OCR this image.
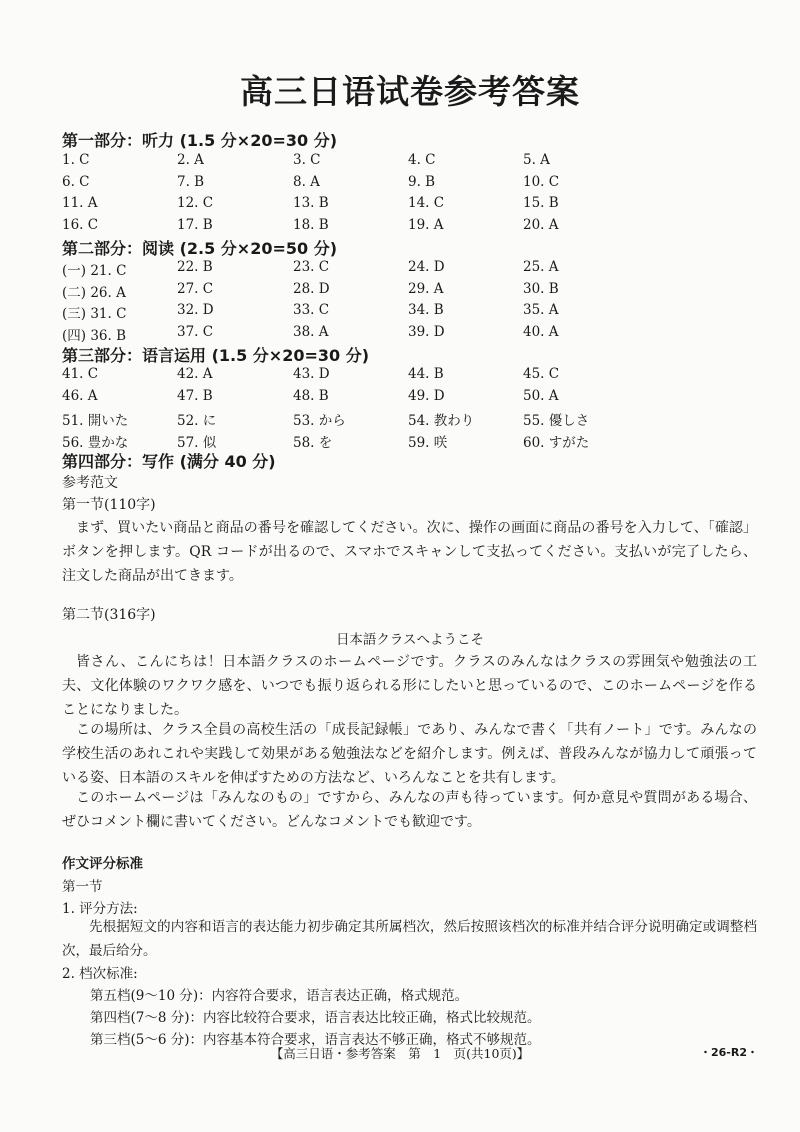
高三日语试卷参考答案
第一部分：听力 (1.5 分×20=30 分)
1. C	2. A	3. C	4. C	5. A
6. C	7. B	8. A	9. B	10. C
11. A	12. C	13. B	14. C	15. B
16. C	17. B	18. B	19. A	20. A
第二部分：阅读 (2.5 分×20=50 分)
(一) 21. C	22. B	23. C	24. D	25. A
(二) 26. A	27. C	28. D	29. A	30. B
(三) 31. C	32. D	33. C	34. B	35. A
(四) 36. B	37. C	38. A	39. D	40. A
第三部分：语言运用 (1.5 分×20=30 分)
41. C	42. A	43. D	44. B	45. C
46. A	47. B	48. B	49. D	50. A
51. 開いた	52. に	53. から	54. 教わり	55. 優しさ
56. 豊かな	57. 似	58. を	59. 咲	60. すがた
第四部分：写作 (满分 40 分)
参考范文
第一节(110字)
まず、買いたい商品と商品の番号を確認してください。次に、操作の画面に商品の番号を入力して、「確認」ボタンを押します。QR コードが出るので、スマホでスキャンして支払ってください。支払いが完了したら、注文した商品が出てきます。
第二节(316字)
日本語クラスへようこそ
皆さん、こんにちは！日本語クラスのホームページです。クラスのみんなはクラスの雰囲気や勉強法の工夫、文化体験のワクワク感を、いつでも振り返られる形にしたいと思っているので、このホームページを作ることになりました。
この場所は、クラス全員の高校生活の「成長記録帳」であり、みんなで書く「共有ノート」です。みんなの学校生活のあれこれや実践して効果がある勉強法などを紹介します。例えば、普段みんなが協力して頑張っている姿、日本語のスキルを伸ばすための方法など、いろんなことを共有します。
このホームページは「みんなのもの」ですから、みんなの声も待っています。何か意見や質問がある場合、ぜひコメント欄に書いてください。どんなコメントでも歓迎です。
作文评分标准
第一节
1. 评分方法:
先根据短文的内容和语言的表达能力初步确定其所属档次，然后按照该档次的标准并结合评分说明确定或调整档次，最后给分。
2. 档次标准:
第五档(9～10 分)：内容符合要求，语言表达正确，格式规范。
第四档(7～8 分)：内容比较符合要求，语言表达比较正确，格式比较规范。
第三档(5～6 分)：内容基本符合要求，语言表达不够正确，格式不够规范。
【高三日语・参考答案　第　1　页(共10页)】	・26-R2・
